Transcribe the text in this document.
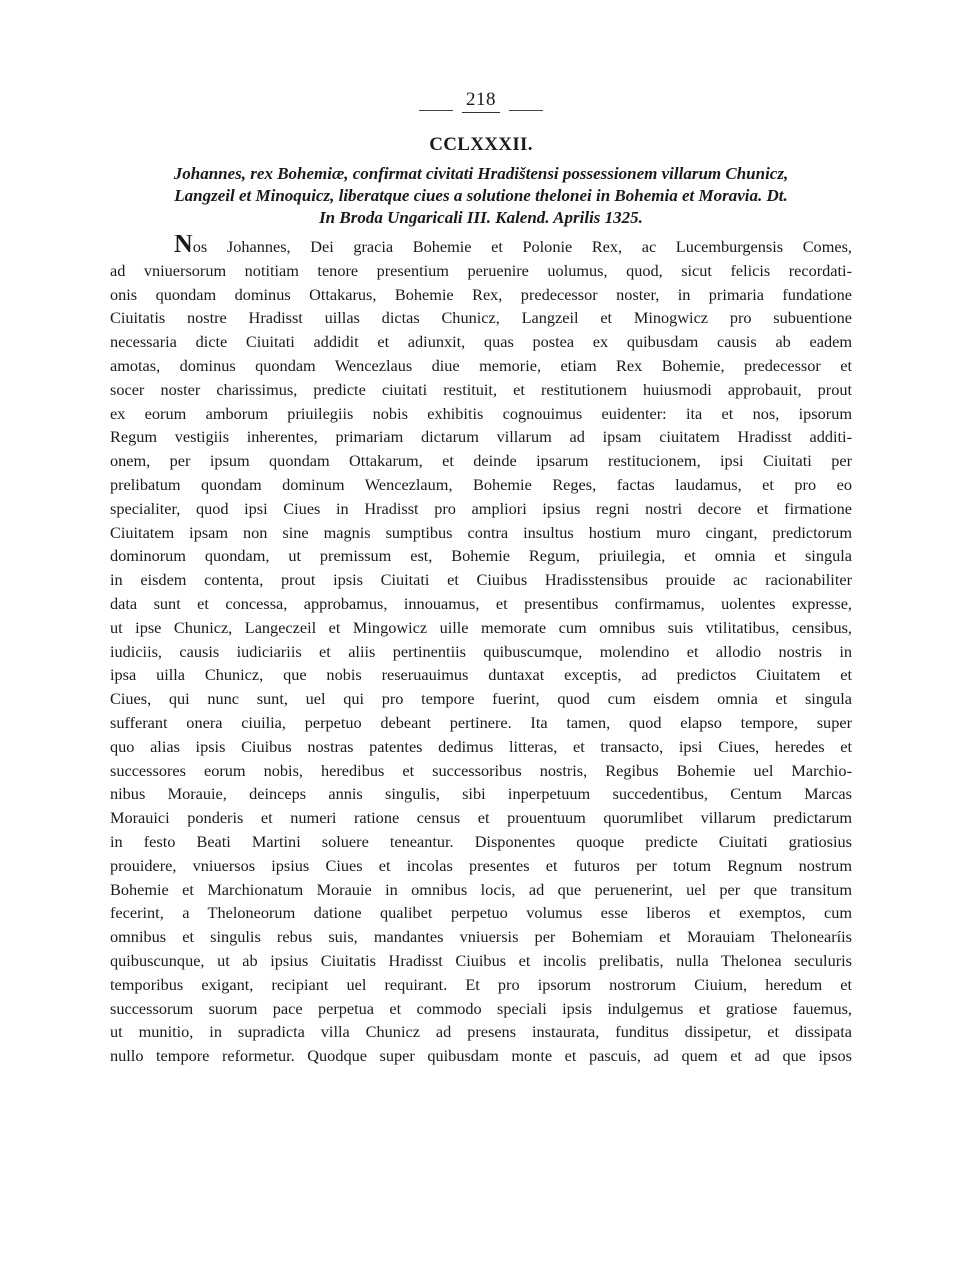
218
CCLXXXII.
Johannes, rex Bohemiæ, confirmat civitati Hradištensi possessionem villarum Chunicz,
Langzeil et Minoquicz, liberatque ciues a solutione thelonei in Bohemia et Moravia. Dt.
In Broda Ungaricali III. Kalend. Aprilis 1325.
Nos Johannes, Dei gracia Bohemie et Polonie Rex, ac Lucemburgensis Comes,
ad vniuersorum notitiam tenore presentium peruenire uolumus, quod, sicut felicis recordati-
onis quondam dominus Ottakarus, Bohemie Rex, predecessor noster, in primaria fundatione
Ciuitatis nostre Hradisst uillas dictas Chunicz, Langzeil et Minogwicz pro subuentione
necessaria dicte Ciuitati addidit et adiunxit, quas postea ex quibusdam causis ab eadem
amotas, dominus quondam Wencezlaus diue memorie, etiam Rex Bohemie, predecessor et
socer noster charissimus, predicte ciuitati restituit, et restitutionem huiusmodi approbauit, prout
ex eorum amborum priuilegiis nobis exhibitis cognouimus euidenter: ita et nos, ipsorum
Regum vestigiis inherentes, primariam dictarum villarum ad ipsam ciuitatem Hradisst additi-
onem, per ipsum quondam Ottakarum, et deinde ipsarum restitucionem, ipsi Ciuitati per
prelibatum quondam dominum Wencezlaum, Bohemie Reges, factas laudamus, et pro eo
specialiter, quod ipsi Ciues in Hradisst pro ampliori ipsius regni nostri decore et firmatione
Ciuitatem ipsam non sine magnis sumptibus contra insultus hostium muro cingant, predictorum
dominorum quondam, ut premissum est, Bohemie Regum, priuilegia, et omnia et singula
in eisdem contenta, prout ipsis Ciuitati et Ciuibus Hradisstensibus prouide ac racionabiliter
data sunt et concessa, approbamus, innouamus, et presentibus confirmamus, uolentes expresse,
ut ipse Chunicz, Langeczeil et Mingowicz uille memorate cum omnibus suis vtilitatibus, censibus,
iudiciis, causis iudiciariis et aliis pertinentiis quibuscumque, molendino et allodio nostris in
ipsa uilla Chunicz, que nobis reseruauimus duntaxat exceptis, ad predictos Ciuitatem et
Ciues, qui nunc sunt, uel qui pro tempore fuerint, quod cum eisdem omnia et singula
sufferant onera ciuilia, perpetuo debeant pertinere. Ita tamen, quod elapso tempore, super
quo alias ipsis Ciuibus nostras patentes dedimus litteras, et transacto, ipsi Ciues, heredes et
successores eorum nobis, heredibus et successoribus nostris, Regibus Bohemie uel Marchio-
nibus Morauie, deinceps annis singulis, sibi inperpetuum succedentibus, Centum Marcas
Morauici ponderis et numeri ratione census et prouentuum quorumlibet villarum predictarum
in festo Beati Martini soluere teneantur. Disponentes quoque predicte Ciuitati gratiosius
prouidere, vniuersos ipsius Ciues et incolas presentes et futuros per totum Regnum nostrum
Bohemie et Marchionatum Morauie in omnibus locis, ad que peruenerint, uel per que transitum
fecerint, a Theloneorum datione qualibet perpetuo volumus esse liberos et exemptos, cum
omnibus et singulis rebus suis, mandantes vniuersis per Bohemiam et Morauiam Thelonearíis
quibuscunque, ut ab ipsius Ciuitatis Hradisst Ciuibus et incolis prelibatis, nulla Thelonea seculuris
temporibus exigant, recipiant uel requirant. Et pro ipsorum nostrorum Ciuium, heredum et
successorum suorum pace perpetua et commodo speciali ipsis indulgemus et gratiose fauemus,
ut munitio, in supradicta villa Chunicz ad presens instaurata, funditus dissipetur, et dissipata
nullo tempore reformetur. Quodque super quibusdam monte et pascuis, ad quem et ad que ipsos
